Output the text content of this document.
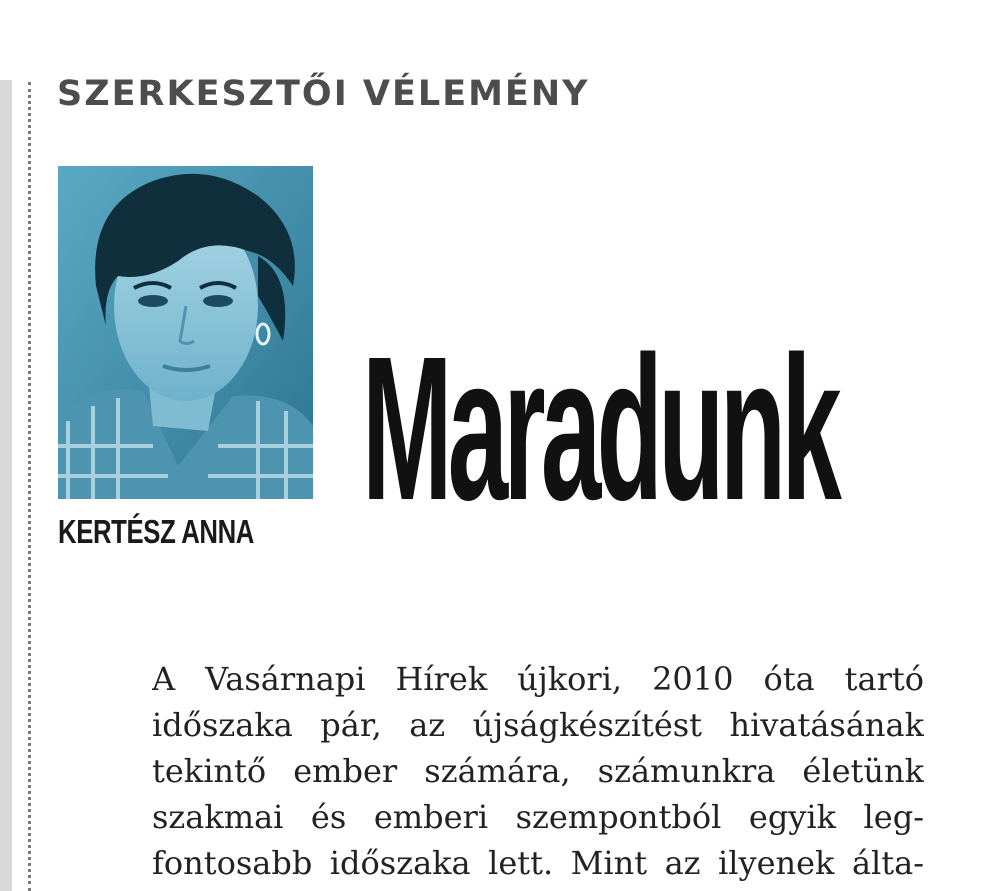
SZERKESZTŐI VÉLEMÉNY
KERTÉSZ ANNA Maradunk
A Vasárnapi Hírek újkori, 2010 óta tartó
időszaka pár, az újságkészítést hivatásának
tekintő ember számára, számunkra életünk
szakmai és emberi szempontból egyik leg-
fontosabb időszaka lett. Mint az ilyenek álta-
